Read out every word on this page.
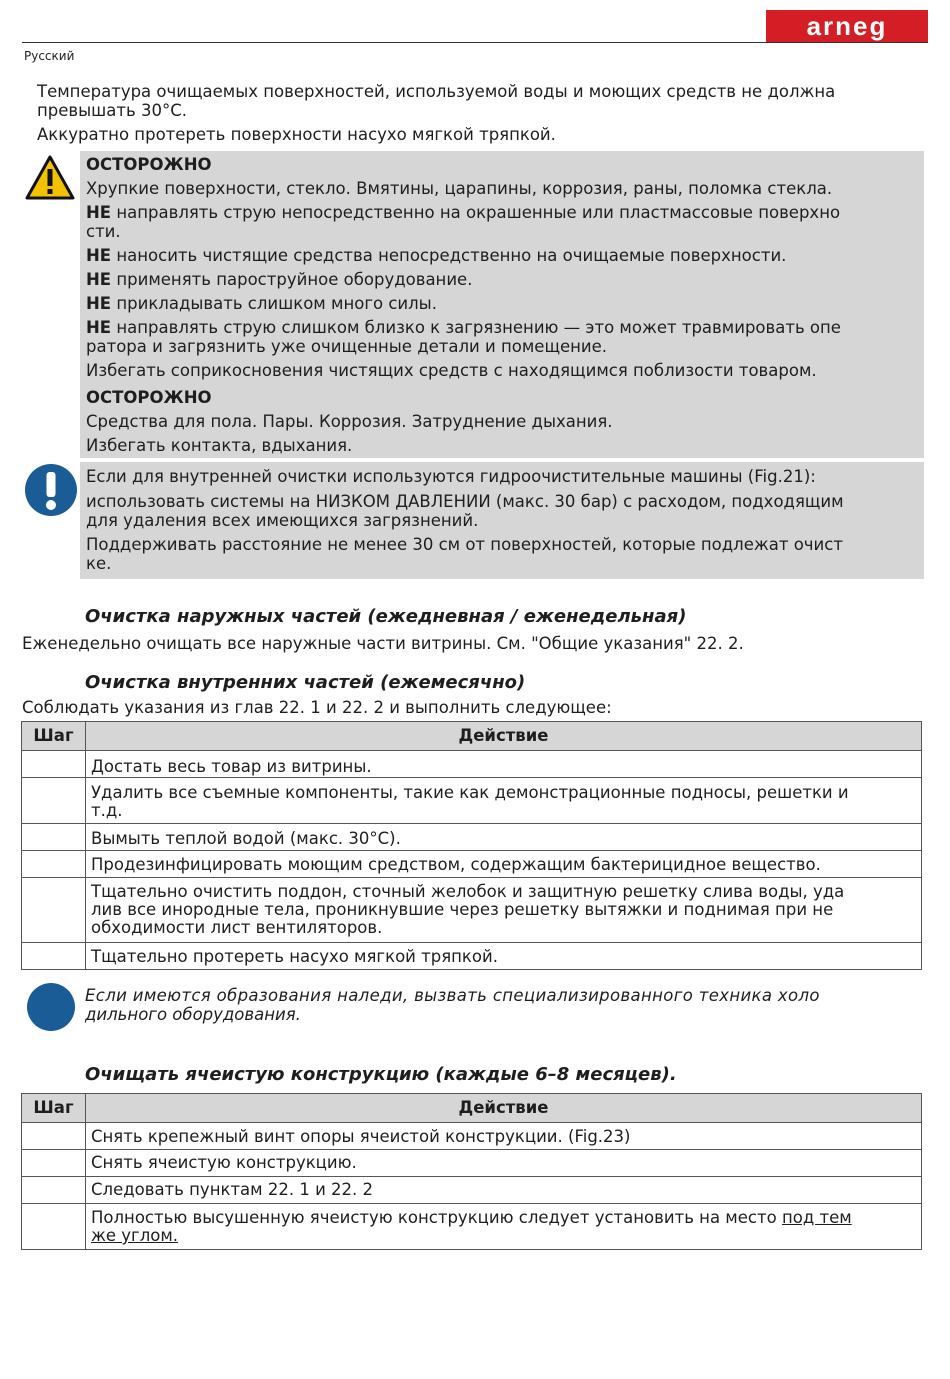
arneg
Русский
Температура очищаемых поверхностей, используемой воды и моющих средств не должна
превышать 30°C.
Аккуратно протереть поверхности насухо мягкой тряпкой.
ОСТОРОЖНО
Хрупкие поверхности, стекло. Вмятины, царапины, коррозия, раны, поломка стекла.
НЕ направлять струю непосредственно на окрашенные или пластмассовые поверхно
сти.
НЕ наносить чистящие средства непосредственно на очищаемые поверхности.
НЕ применять пароструйное оборудование.
НЕ прикладывать слишком много силы.
НЕ направлять струю слишком близко к загрязнению — это может травмировать опе
ратора и загрязнить уже очищенные детали и помещение.
Избегать соприкосновения чистящих средств с находящимся поблизости товаром.
ОСТОРОЖНО
Средства для пола. Пары. Коррозия. Затруднение дыхания.
Избегать контакта, вдыхания.
Если для внутренней очистки используются гидроочистительные машины (Fig.21):
использовать системы на НИЗКОМ ДАВЛЕНИИ (макс. 30 бар) с расходом, подходящим
для удаления всех имеющихся загрязнений.
Поддерживать расстояние не менее 30 см от поверхностей, которые подлежат очист
ке.
Очистка наружных частей (ежедневная / еженедельная)
Еженедельно очищать все наружные части витрины. См. "Общие указания" 22. 2.
Очистка внутренних частей (ежемесячно)
Соблюдать указания из глав 22. 1 и 22. 2 и выполнить следующее:
Шаг	Действие
	Достать весь товар из витрины.
	Удалить все съемные компоненты, такие как демонстрационные подносы, решетки и
т.д.
	Вымыть теплой водой (макс. 30°C).
	Продезинфицировать моющим средством, содержащим бактерицидное вещество.
	Тщательно очистить поддон, сточный желобок и защитную решетку слива воды, уда
лив все инородные тела, проникнувшие через решетку вытяжки и поднимая при не
обходимости лист вентиляторов.
	Тщательно протереть насухо мягкой тряпкой.
Если имеются образования наледи, вызвать специализированного техника холо
дильного оборудования.
Очищать ячеистую конструкцию (каждые 6–8 месяцев).
Шаг	Действие
	Снять крепежный винт опоры ячеистой конструкции. (Fig.23)
	Снять ячеистую конструкцию.
	Следовать пунктам 22. 1 и 22. 2
	Полностью высушенную ячеистую конструкцию следует установить на место под тем
же углом.
